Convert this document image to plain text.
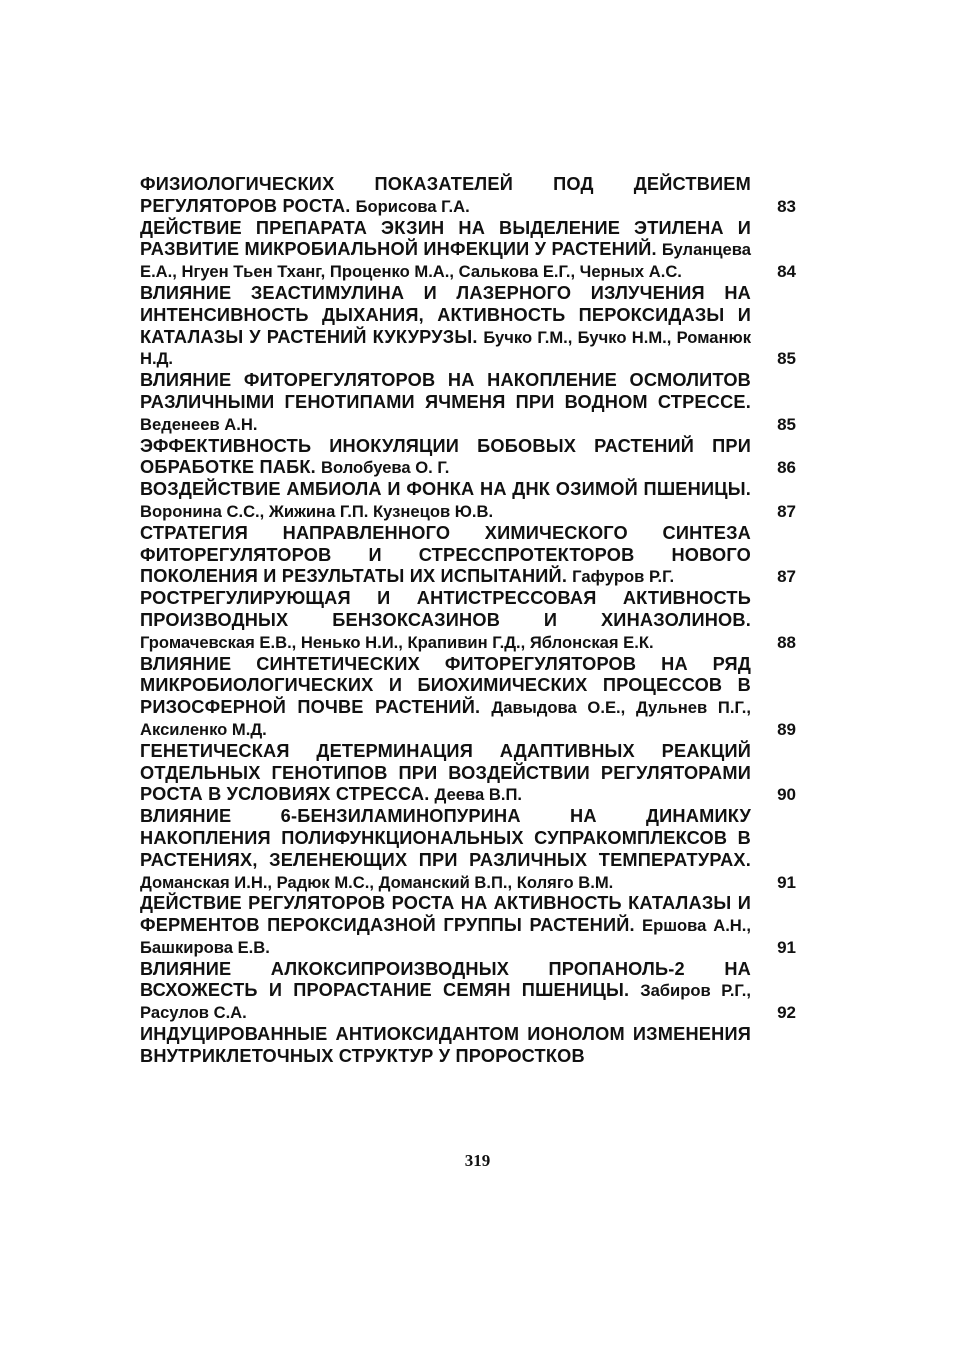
ФИЗИОЛОГИЧЕСКИХ ПОКАЗАТЕЛЕЙ ПОД ДЕЙСТВИЕМ РЕГУЛЯТОРОВ РОСТА. Борисова Г.А.	83
ДЕЙСТВИЕ ПРЕПАРАТА ЭКЗИН НА ВЫДЕЛЕНИЕ ЭТИЛЕНА И РАЗВИТИЕ МИКРОБИАЛЬНОЙ ИНФЕКЦИИ У РАСТЕНИЙ. Буланцева Е.А., Нгуен Тьен Тханг, Проценко М.А., Салькова Е.Г., Черных А.С.	84
ВЛИЯНИЕ ЗЕАСТИМУЛИНА И ЛАЗЕРНОГО ИЗЛУЧЕНИЯ НА ИНТЕНСИВНОСТЬ ДЫХАНИЯ, АКТИВНОСТЬ ПЕРОКСИДАЗЫ И КАТАЛАЗЫ У РАСТЕНИЙ КУКУРУЗЫ. Бучко Г.М., Бучко Н.М., Романюк Н.Д.	85
ВЛИЯНИЕ ФИТОРЕГУЛЯТОРОВ НА НАКОПЛЕНИЕ ОСМОЛИТОВ РАЗЛИЧНЫМИ ГЕНОТИПАМИ ЯЧМЕНЯ ПРИ ВОДНОМ СТРЕССЕ. Веденеев А.Н.	85
ЭФФЕКТИВНОСТЬ ИНОКУЛЯЦИИ БОБОВЫХ РАСТЕНИЙ ПРИ ОБРАБОТКЕ ПАБК. Волобуева О. Г.	86
ВОЗДЕЙСТВИЕ АМБИОЛА И ФОНКА НА ДНК ОЗИМОЙ ПШЕНИЦЫ. Воронина С.С., Жижина Г.П. Кузнецов Ю.В.	87
СТРАТЕГИЯ НАПРАВЛЕННОГО ХИМИЧЕСКОГО СИНТЕЗА ФИТОРЕГУЛЯТОРОВ И СТРЕССПРОТЕКТОРОВ НОВОГО ПОКОЛЕНИЯ И РЕЗУЛЬТАТЫ ИХ ИСПЫТАНИЙ. Гафуров Р.Г.	87
РОСТРЕГУЛИРУЮЩАЯ И АНТИСТРЕССОВАЯ АКТИВНОСТЬ ПРОИЗВОДНЫХ БЕНЗОКСАЗИНОВ И ХИНАЗОЛИНОВ. Громачевская Е.В., Ненько Н.И., Крапивин Г.Д., Яблонская Е.К.	88
ВЛИЯНИЕ СИНТЕТИЧЕСКИХ ФИТОРЕГУЛЯТОРОВ НА РЯД МИКРОБИОЛОГИЧЕСКИХ И БИОХИМИЧЕСКИХ ПРОЦЕССОВ В РИЗОСФЕРНОЙ ПОЧВЕ РАСТЕНИЙ. Давыдова О.Е., Дульнев П.Г., Аксиленко М.Д.	89
ГЕНЕТИЧЕСКАЯ ДЕТЕРМИНАЦИЯ АДАПТИВНЫХ РЕАКЦИЙ ОТДЕЛЬНЫХ ГЕНОТИПОВ ПРИ ВОЗДЕЙСТВИИ РЕГУЛЯТОРАМИ РОСТА В УСЛОВИЯХ СТРЕССА. Деева В.П.	90
ВЛИЯНИЕ 6-БЕНЗИЛАМИНОПУРИНА НА ДИНАМИКУ НАКОПЛЕНИЯ ПОЛИФУНКЦИОНАЛЬНЫХ СУПРАКОМПЛЕКСОВ В РАСТЕНИЯХ, ЗЕЛЕНЕЮЩИХ ПРИ РАЗЛИЧНЫХ ТЕМПЕРАТУРАХ. Доманская И.Н., Радюк М.С., Доманский В.П., Коляго В.М.	91
ДЕЙСТВИЕ РЕГУЛЯТОРОВ РОСТА НА АКТИВНОСТЬ КАТАЛАЗЫ И ФЕРМЕНТОВ ПЕРОКСИДАЗНОЙ ГРУППЫ РАСТЕНИЙ. Ершова А.Н., Башкирова Е.В.	91
ВЛИЯНИЕ АЛКОКСИПРОИЗВОДНЫХ ПРОПАНОЛЬ-2 НА ВСХОЖЕСТЬ И ПРОРАСТАНИЕ СЕМЯН ПШЕНИЦЫ. Забиров Р.Г., Расулов С.А.	92
ИНДУЦИРОВАННЫЕ АНТИОКСИДАНТОМ ИОНОЛОМ ИЗМЕНЕНИЯ ВНУТРИКЛЕТОЧНЫХ СТРУКТУР У ПРОРОСТКОВ
319
